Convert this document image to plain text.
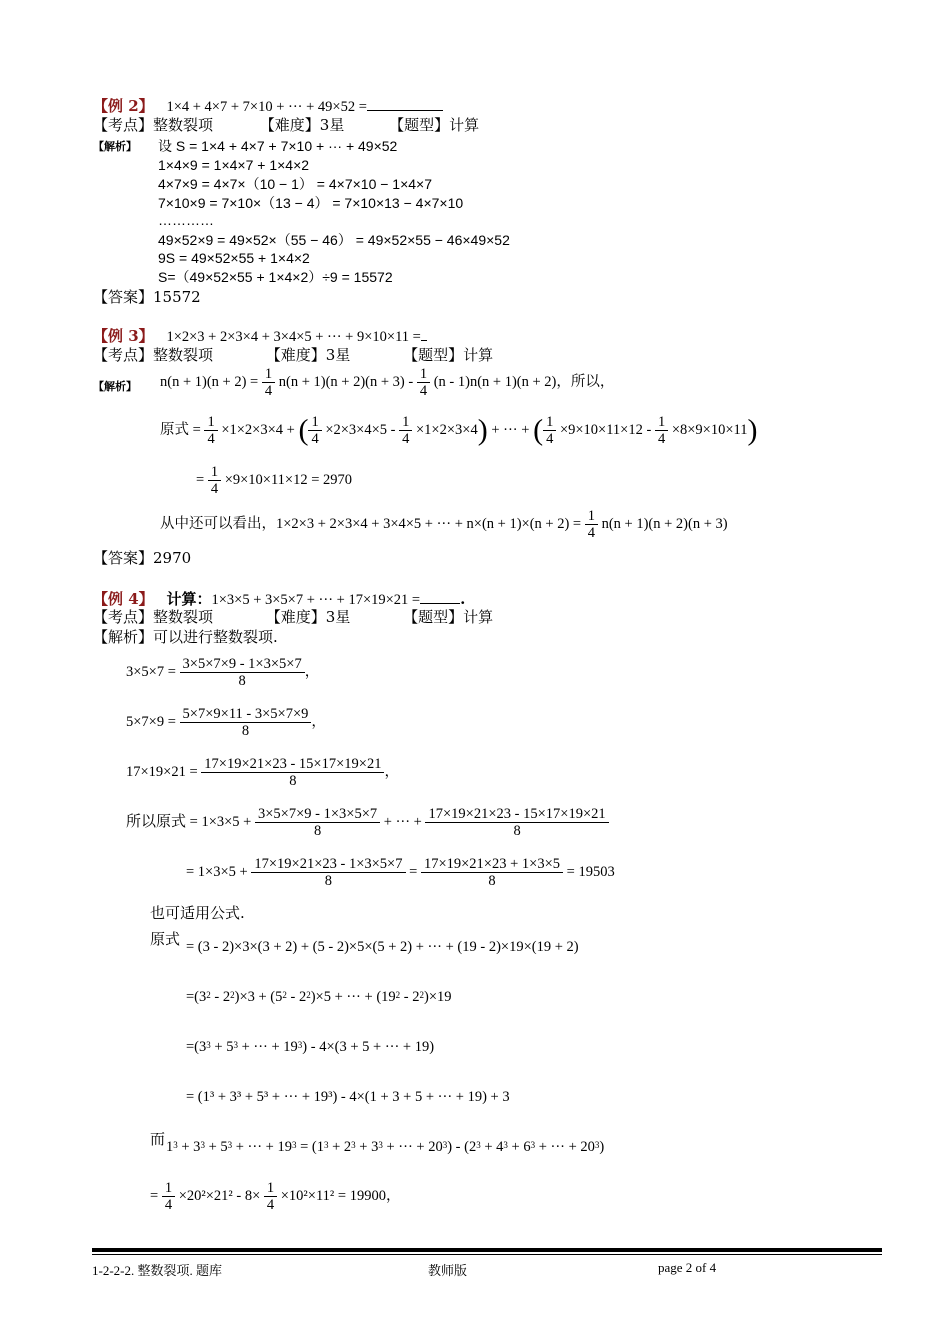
【例 2】 1×4 + 4×7 + 7×10 + ··· + 49×52 =
【考点】整数裂项	【难度】3星	【题型】计算
【解析】 设 S = 1×4 + 4×7 + 7×10 + ··· + 49×52
1×4×9 = 1×4×7 + 1×4×2
4×7×9 = 4×7×（10 − 1） = 4×7×10 − 1×4×7
7×10×9 = 7×10×（13 − 4） = 7×10×13 − 4×7×10
…………
49×52×9 = 49×52×（55 − 46） = 49×52×55 − 46×49×52
9S = 49×52×55 + 1×4×2
S=（49×52×55 + 1×4×2）÷9 = 15572
【答案】15572
【例 3】 1×2×3 + 2×3×4 + 3×4×5 + ··· + 9×10×11 =
【考点】整数裂项	【难度】3星	【题型】计算
【解析】 $n(n + 1)(n + 2) = \frac{1}{4} n(n + 1)(n + 2)(n + 3) - \frac{1}{4} (n - 1)n(n + 1)(n + 2)$，所以，
原式 = $\frac{1}{4} \times 1\times 2\times 3\times 4$ + ( $\frac{1}{4} \times 2\times 3\times 4\times 5 - \frac{1}{4} \times 1\times 2\times 3\times 4$) + ··· + ( $\frac{1}{4} \times 9\times 10\times 11\times 12 - \frac{1}{4} \times 8\times 9\times 10\times 11$)
= $\frac{1}{4} \times 9\times 10\times 11\times 12 = 2970$
从中还可以看出，1×2×3 + 2×3×4 + 3×4×5 + ··· + $n\times(n + 1)\times(n + 2) = \frac{1}{4} n(n + 1)(n + 2)(n + 3)$
【答案】2970
【例 4】 计算：1×3×5 + 3×5×7 + ··· + 17×19×21 =	.
【考点】整数裂项	【难度】3星	【题型】计算
【解析】可以进行整数裂项.
$3\times 5\times 7 = \frac{3\times 5\times 7\times 9 - 1\times 3\times 5\times 7}{8}$ ，
$5\times 7\times 9 = \frac{5\times 7\times 9\times 11 - 3\times 5\times 7\times 9}{8}$ ，
$17\times 19\times 21 = \frac{17\times 19\times 21\times 23 - 15\times 17\times 19\times 21}{8}$ ，
所以原式 = $1\times 3\times 5 + \frac{3\times 5\times 7\times 9 - 1\times 3\times 5\times 7}{8}$ + ··· + $\frac{17\times 19\times 21\times 23 - 15\times 17\times 19\times 21}{8}$
= $1\times 3\times 5 + \frac{17\times 19\times 21\times 23 - 1\times 3\times 5\times 7}{8} = \frac{17\times 19\times 21\times 23 + 1\times 3\times 5}{8} = 19503$
也可适用公式.
原式 = (3 - 2)×3×(3 + 2) + (5 - 2)×5×(5 + 2) + ··· + (19 - 2)×19×(19 + 2)
$=(3^2 - 2^2)\times 3 + (5^2 - 2^2)\times 5$ + ··· + $(19^2 - 2^2)\times 19$
$=(3^3 + 5^3$ + ··· + $19^3) - 4\times(3 + 5$ + ··· + 19)
= (1³ + 3³ + 5³ + ··· + 19³) - 4×(1 + 3 + 5 + ··· + 19) + 3
而 $1^3 + 3^3 + 5^3$ + ··· + $19^3 = (1^3 + 2^3 + 3^3$ + ··· + $20^3) - (2^3 + 4^3 + 6^3$ + ··· + $20^3$)
= $\frac{1}{4} \times 20^2\times 21^2 - 8\times \frac{1}{4} \times 10^2\times 11^2 = 19900$，
1-2-2-2. 整数裂项. 题库	教师版	page 2 of 4
